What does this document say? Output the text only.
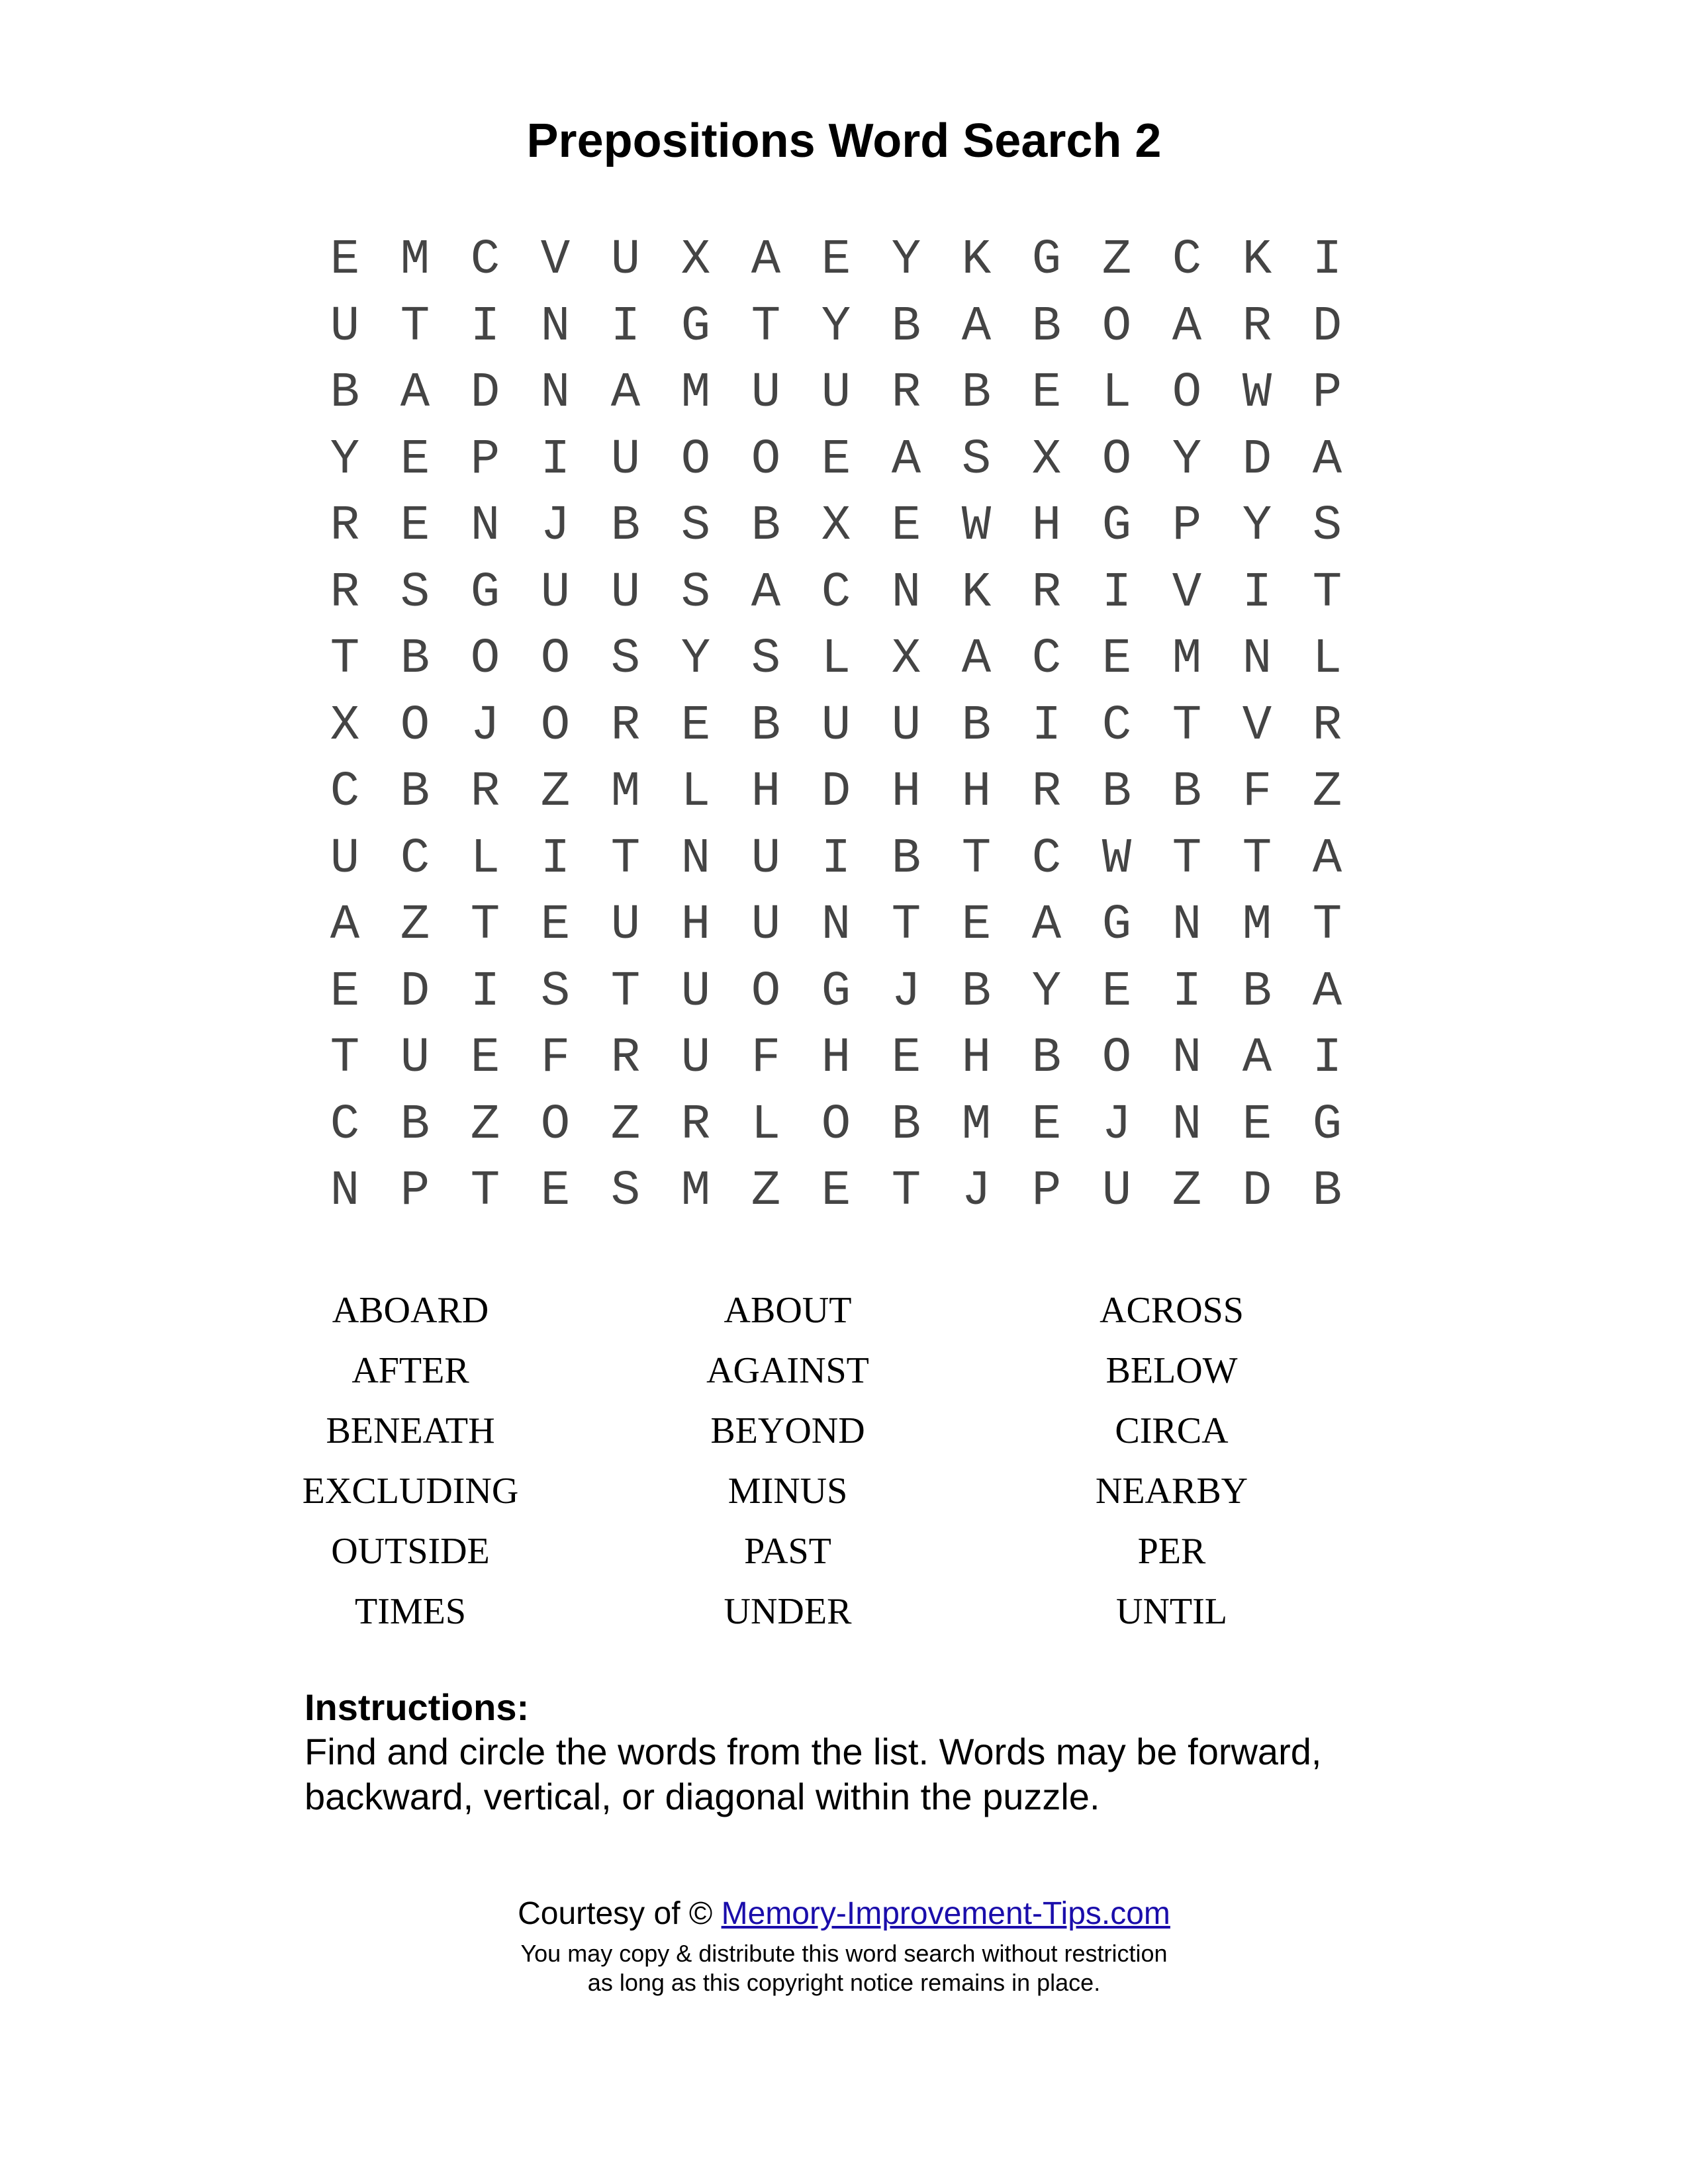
Prepositions Word Search 2
E M C V U X A E Y K G Z C K I
U T I N I G T Y B A B O A R D
B A D N A M U U R B E L O W P
Y E P I U O O E A S X O Y D A
R E N J B S B X E W H G P Y S
R S G U U S A C N K R I V I T
T B O O S Y S L X A C E M N L
X O J O R E B U U B I C T V R
C B R Z M L H D H H R B B F Z
U C L I T N U I B T C W T T A
A Z T E U H U N T E A G N M T
E D I S T U O G J B Y E I B A
T U E F R U F H E H B O N A I
C B Z O Z R L O B M E J N E G
N P T E S M Z E T J P U Z D B
ABOARD	ABOUT	ACROSS
AFTER	AGAINST	BELOW
BENEATH	BEYOND	CIRCA
EXCLUDING	MINUS	NEARBY
OUTSIDE	PAST	PER
TIMES	UNDER	UNTIL
Instructions:
Find and circle the words from the list. Words may be forward, backward, vertical, or diagonal within the puzzle.
Courtesy of © Memory-Improvement-Tips.com
You may copy & distribute this word search without restriction
as long as this copyright notice remains in place.
